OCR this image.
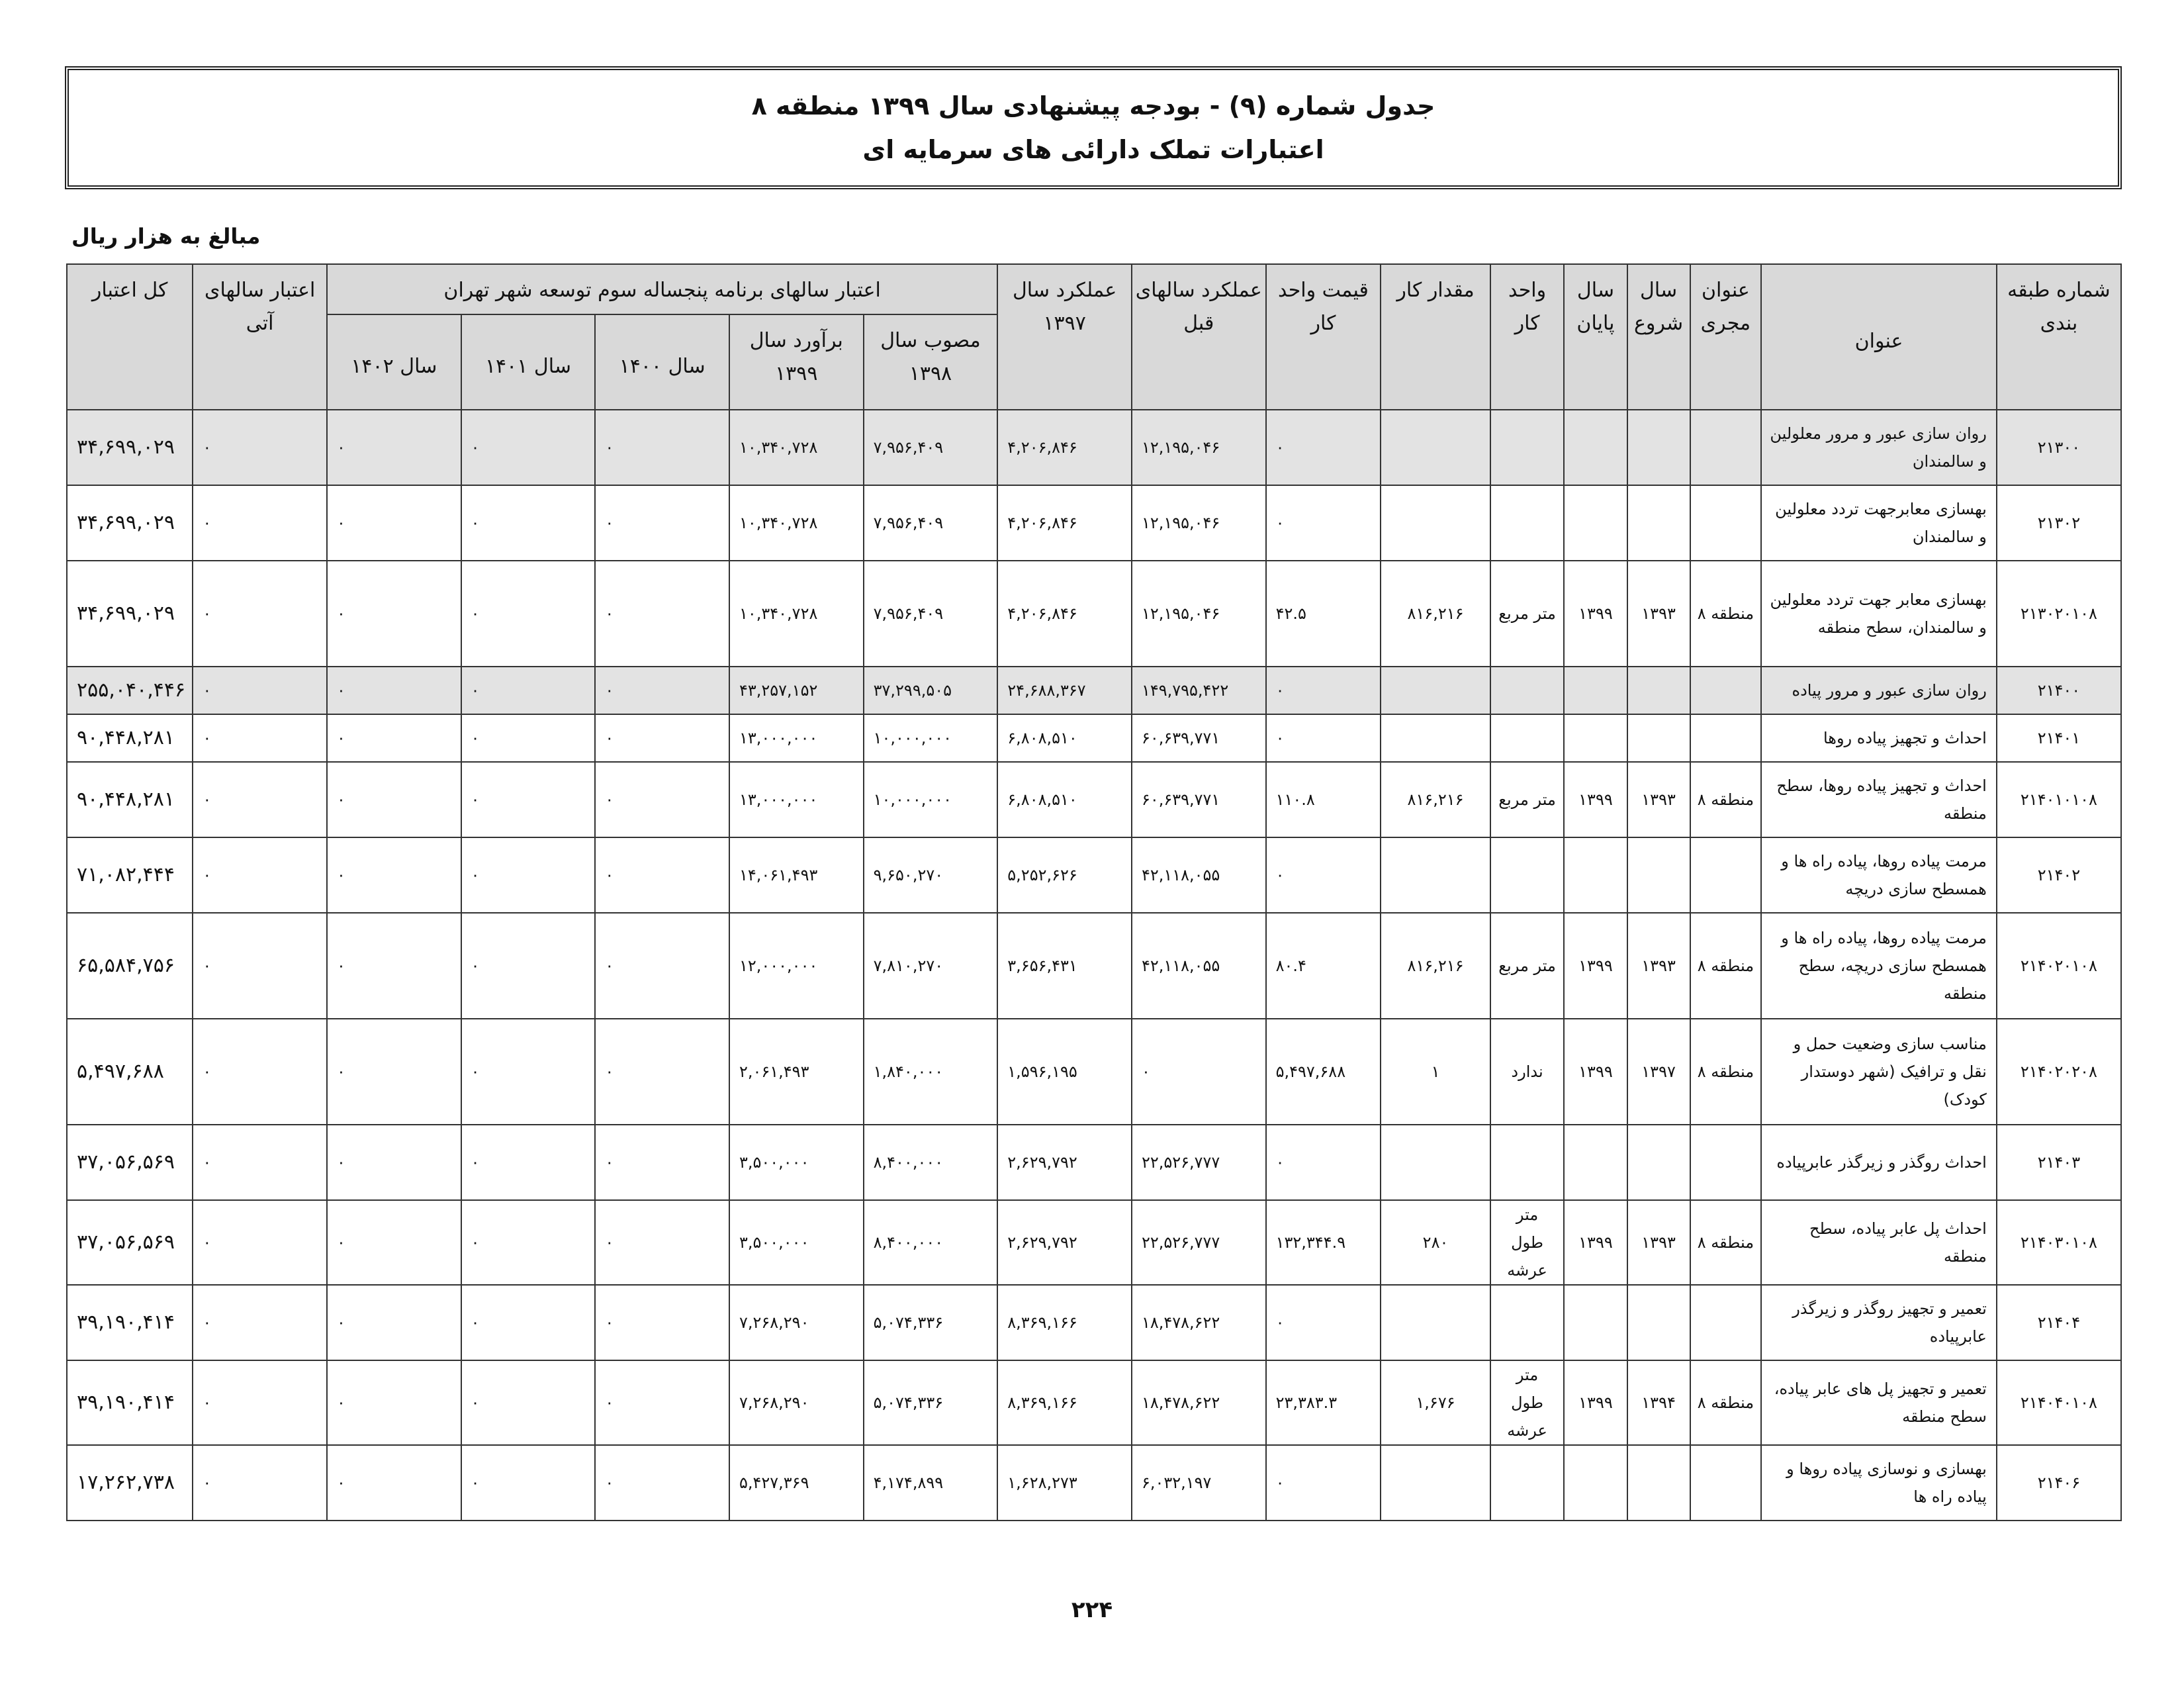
جدول شماره (۹) - بودجه پیشنهادی سال ۱۳۹۹ منطقه ۸
اعتبارات تملک دارائی های سرمایه ای
مبالغ به هزار ریال
شماره طبقه بندی	عنوان	عنوان مجری	سال شروع	سال پایان	واحد کار	مقدار کار	قیمت واحد کار	عملکرد سالهای قبل	عملکرد سال ۱۳۹۷	اعتبار سالهای برنامه پنجساله سوم توسعه شهر تهران					اعتبار سالهای آتی	کل اعتبار
										مصوب سال ۱۳۹۸	برآورد سال ۱۳۹۹	سال ۱۴۰۰	سال ۱۴۰۱	سال ۱۴۰۲		
۲۱۳۰۰	روان سازی عبور و مرور معلولین و سالمندان						۰	۱۲,۱۹۵,۰۴۶	۴,۲۰۶,۸۴۶	۷,۹۵۶,۴۰۹	۱۰,۳۴۰,۷۲۸	۰	۰	۰	۰	۳۴,۶۹۹,۰۲۹
۲۱۳۰۲	بهسازی معابرجهت تردد معلولین و سالمندان						۰	۱۲,۱۹۵,۰۴۶	۴,۲۰۶,۸۴۶	۷,۹۵۶,۴۰۹	۱۰,۳۴۰,۷۲۸	۰	۰	۰	۰	۳۴,۶۹۹,۰۲۹
۲۱۳۰۲۰۱۰۸	بهسازی معابر جهت تردد معلولین و سالمندان، سطح منطقه	منطقه ۸	۱۳۹۳	۱۳۹۹	متر مربع	۸۱۶,۲۱۶	۴۲.۵	۱۲,۱۹۵,۰۴۶	۴,۲۰۶,۸۴۶	۷,۹۵۶,۴۰۹	۱۰,۳۴۰,۷۲۸	۰	۰	۰	۰	۳۴,۶۹۹,۰۲۹
۲۱۴۰۰	روان سازی عبور و مرور پیاده						۰	۱۴۹,۷۹۵,۴۲۲	۲۴,۶۸۸,۳۶۷	۳۷,۲۹۹,۵۰۵	۴۳,۲۵۷,۱۵۲	۰	۰	۰	۰	۲۵۵,۰۴۰,۴۴۶
۲۱۴۰۱	احداث و تجهیز پیاده روها						۰	۶۰,۶۳۹,۷۷۱	۶,۸۰۸,۵۱۰	۱۰,۰۰۰,۰۰۰	۱۳,۰۰۰,۰۰۰	۰	۰	۰	۰	۹۰,۴۴۸,۲۸۱
۲۱۴۰۱۰۱۰۸	احداث و تجهیز پیاده روها، سطح منطقه	منطقه ۸	۱۳۹۳	۱۳۹۹	متر مربع	۸۱۶,۲۱۶	۱۱۰.۸	۶۰,۶۳۹,۷۷۱	۶,۸۰۸,۵۱۰	۱۰,۰۰۰,۰۰۰	۱۳,۰۰۰,۰۰۰	۰	۰	۰	۰	۹۰,۴۴۸,۲۸۱
۲۱۴۰۲	مرمت پیاده روها، پیاده راه ها و همسطح سازی دریچه						۰	۴۲,۱۱۸,۰۵۵	۵,۲۵۲,۶۲۶	۹,۶۵۰,۲۷۰	۱۴,۰۶۱,۴۹۳	۰	۰	۰	۰	۷۱,۰۸۲,۴۴۴
۲۱۴۰۲۰۱۰۸	مرمت پیاده روها، پیاده راه ها و همسطح سازی دریچه، سطح منطقه	منطقه ۸	۱۳۹۳	۱۳۹۹	متر مربع	۸۱۶,۲۱۶	۸۰.۴	۴۲,۱۱۸,۰۵۵	۳,۶۵۶,۴۳۱	۷,۸۱۰,۲۷۰	۱۲,۰۰۰,۰۰۰	۰	۰	۰	۰	۶۵,۵۸۴,۷۵۶
۲۱۴۰۲۰۲۰۸	مناسب سازی وضعیت حمل و نقل و ترافیک (شهر دوستدار کودک)	منطقه ۸	۱۳۹۷	۱۳۹۹	ندارد	۱	۵,۴۹۷,۶۸۸	۰	۱,۵۹۶,۱۹۵	۱,۸۴۰,۰۰۰	۲,۰۶۱,۴۹۳	۰	۰	۰	۰	۵,۴۹۷,۶۸۸
۲۱۴۰۳	احداث روگذر و زیرگذر عابرپیاده						۰	۲۲,۵۲۶,۷۷۷	۲,۶۲۹,۷۹۲	۸,۴۰۰,۰۰۰	۳,۵۰۰,۰۰۰	۰	۰	۰	۰	۳۷,۰۵۶,۵۶۹
۲۱۴۰۳۰۱۰۸	احداث پل عابر پیاده، سطح منطقه	منطقه ۸	۱۳۹۳	۱۳۹۹	متر طول عرشه	۲۸۰	۱۳۲,۳۴۴.۹	۲۲,۵۲۶,۷۷۷	۲,۶۲۹,۷۹۲	۸,۴۰۰,۰۰۰	۳,۵۰۰,۰۰۰	۰	۰	۰	۰	۳۷,۰۵۶,۵۶۹
۲۱۴۰۴	تعمیر و تجهیز روگذر و زیرگذر عابرپیاده						۰	۱۸,۴۷۸,۶۲۲	۸,۳۶۹,۱۶۶	۵,۰۷۴,۳۳۶	۷,۲۶۸,۲۹۰	۰	۰	۰	۰	۳۹,۱۹۰,۴۱۴
۲۱۴۰۴۰۱۰۸	تعمیر و تجهیز پل های عابر پیاده، سطح منطقه	منطقه ۸	۱۳۹۴	۱۳۹۹	متر طول عرشه	۱,۶۷۶	۲۳,۳۸۳.۳	۱۸,۴۷۸,۶۲۲	۸,۳۶۹,۱۶۶	۵,۰۷۴,۳۳۶	۷,۲۶۸,۲۹۰	۰	۰	۰	۰	۳۹,۱۹۰,۴۱۴
۲۱۴۰۶	بهسازی و نوسازی پیاده روها و پیاده راه ها						۰	۶,۰۳۲,۱۹۷	۱,۶۲۸,۲۷۳	۴,۱۷۴,۸۹۹	۵,۴۲۷,۳۶۹	۰	۰	۰	۰	۱۷,۲۶۲,۷۳۸
۲۲۴
